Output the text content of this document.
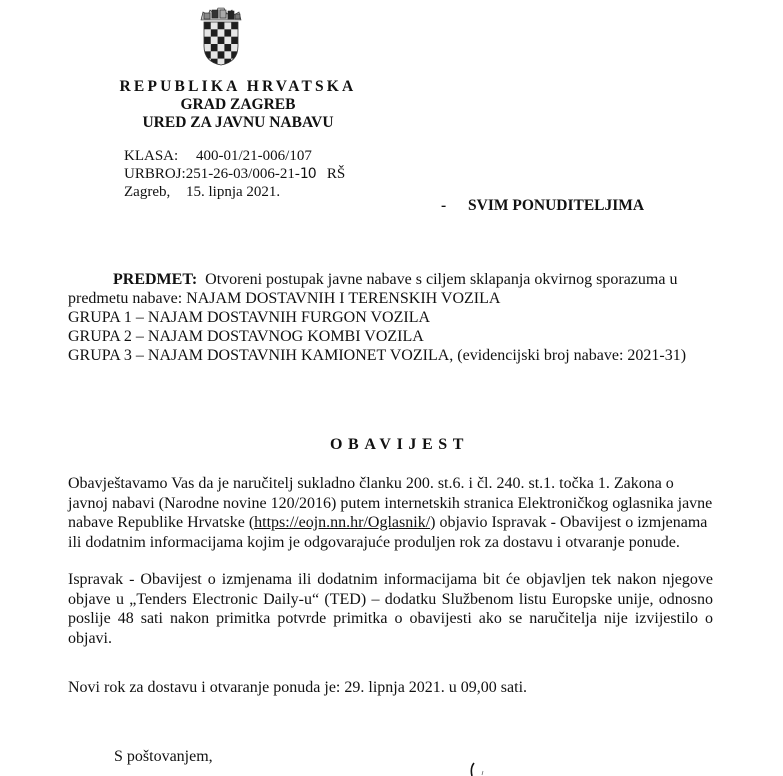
REPUBLIKA HRVATSKA
GRAD ZAGREB
URED ZA JAVNU NABAVU
KLASA: 400-01/21-006/107
URBROJ:251-26-03/006-21-10 RŠ
Zagreb, 15. lipnja 2021.
- SVIM PONUDITELJIMA
PREDMET: Otvoreni postupak javne nabave s ciljem sklapanja okvirnog sporazuma u
predmetu nabave: NAJAM DOSTAVNIH I TERENSKIH VOZILA
GRUPA 1 – NAJAM DOSTAVNIH FURGON VOZILA
GRUPA 2 – NAJAM DOSTAVNOG KOMBI VOZILA
GRUPA 3 – NAJAM DOSTAVNIH KAMIONET VOZILA, (evidencijski broj nabave: 2021-31)
OBAVIJEST
Obavještavamo Vas da je naručitelj sukladno članku 200. st.6. i čl. 240. st.1. točka 1. Zakona o
javnoj nabavi (Narodne novine 120/2016) putem internetskih stranica Elektroničkog oglasnika javne
nabave Republike Hrvatske (https://eojn.nn.hr/Oglasnik/) objavio Ispravak - Obavijest o izmjenama
ili dodatnim informacijama kojim je odgovarajuće produljen rok za dostavu i otvaranje ponude.
Ispravak - Obavijest o izmjenama ili dodatnim informacijama bit će objavljen tek nakon njegove
objave u „Tenders Electronic Daily-u“ (TED) – dodatku Službenom listu Europske unije, odnosno
poslije 48 sati nakon primitka potvrde primitka o obavijesti ako se naručitelja nije izvijestilo o
objavi.
Novi rok za dostavu i otvaranje ponuda je: 29. lipnja 2021. u 09,00 sati.
S poštovanjem,
